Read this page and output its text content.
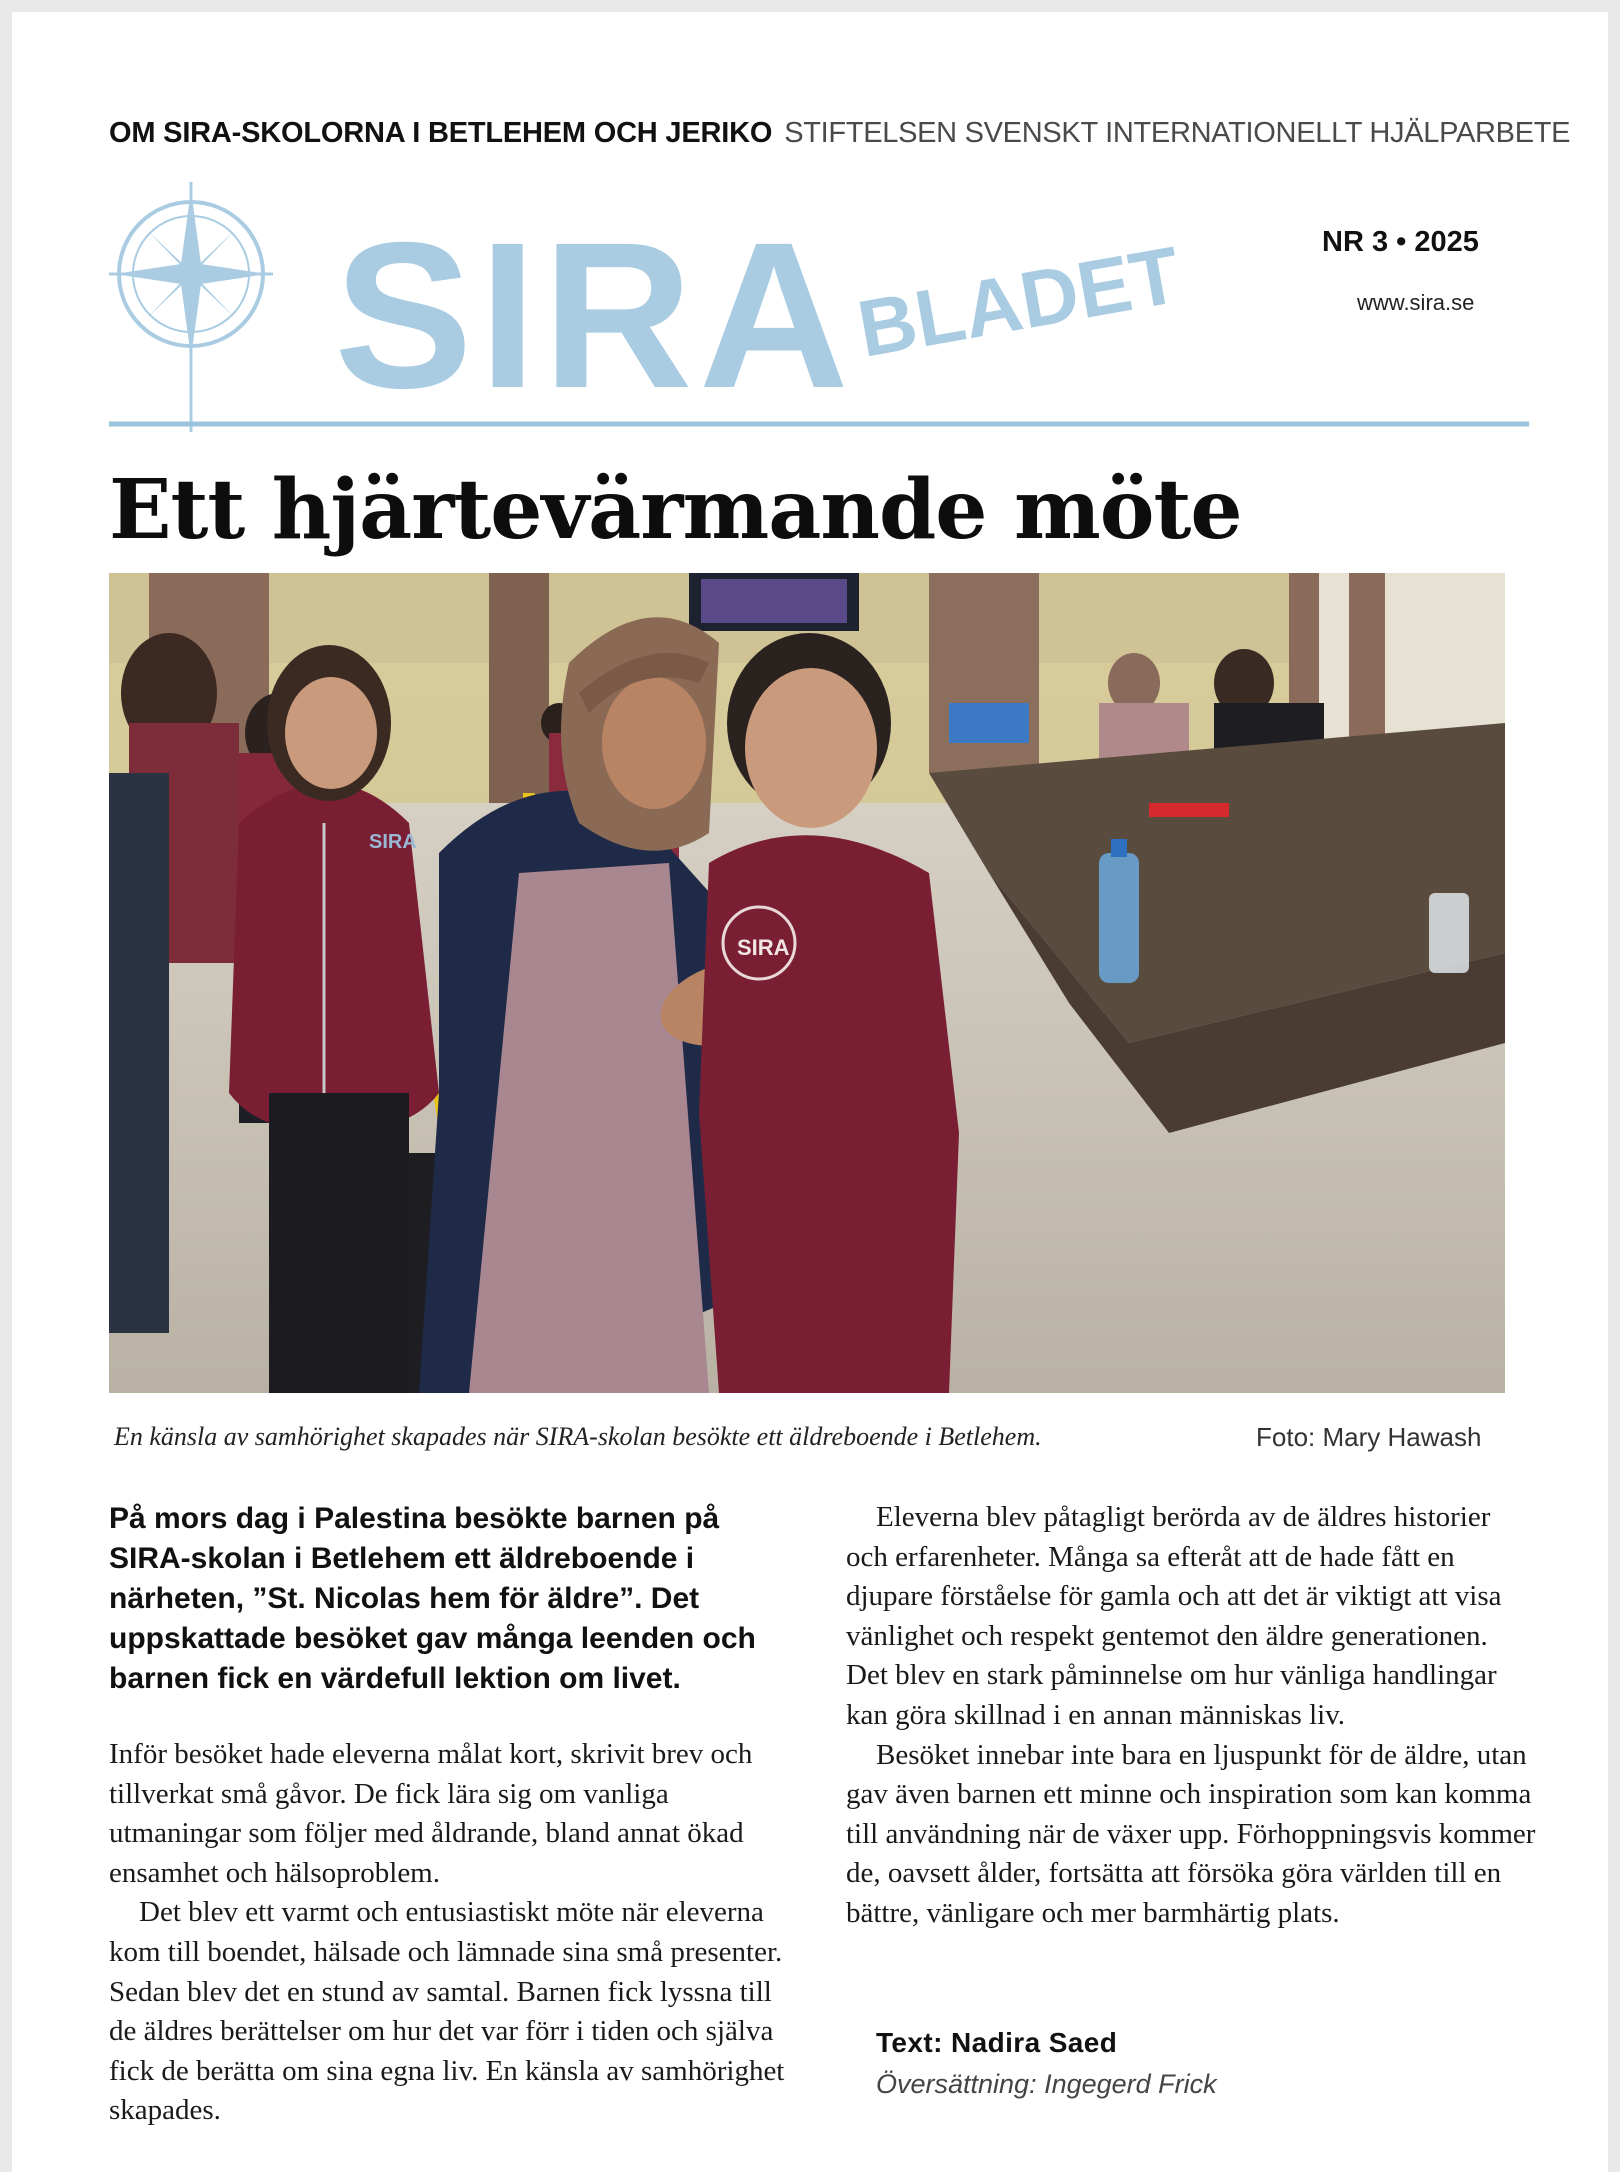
OM SIRA-SKOLORNA I BETLEHEM OCH JERIKO STIFTELSEN SVENSKT INTERNATIONELLT HJÄLPARBETE
SIRA
BLADET	NR 3 • 2025
www.sira.se
Ett hjärtevärmande möte
SIRA
SIRA
En känsla av samhörighet skapades när SIRA-skolan besökte ett äldreboende i Betlehem.	Foto: Mary Hawash
På mors dag i Palestina besökte barnen på SIRA-skolan i Betlehem ett äldreboende i närheten, ”St. Nicolas hem för äldre”. Det uppskattade besöket gav många leenden och barnen fick en värdefull lektion om livet.

Inför besöket hade eleverna målat kort, skrivit brev och tillverkat små gåvor. De fick lära sig om vanliga utmaningar som följer med åldrande, bland annat ökad ensamhet och hälsoproblem.

Det blev ett varmt och entusiastiskt möte när eleverna kom till boendet, hälsade och lämnade sina små presenter. Sedan blev det en stund av samtal. Barnen fick lyssna till de äldres berättelser om hur det var förr i tiden och själva fick de berätta om sina egna liv. En känsla av samhörighet skapades.

Eleverna blev påtagligt berörda av de äldres historier och erfarenheter. Många sa efteråt att de hade fått en djupare förståelse för gamla och att det är viktigt att visa vänlighet och respekt gentemot den äldre generationen. Det blev en stark påminnelse om hur vänliga handlingar kan göra skillnad i en annan människas liv.

Besöket innebar inte bara en ljuspunkt för de äldre, utan gav även barnen ett minne och inspiration som kan komma till användning när de växer upp. Förhoppningsvis kommer de, oavsett ålder, fortsätta att försöka göra världen till en bättre, vänligare och mer barmhärtig plats.

Text: Nadira Saed
Översättning: Ingegerd Frick
